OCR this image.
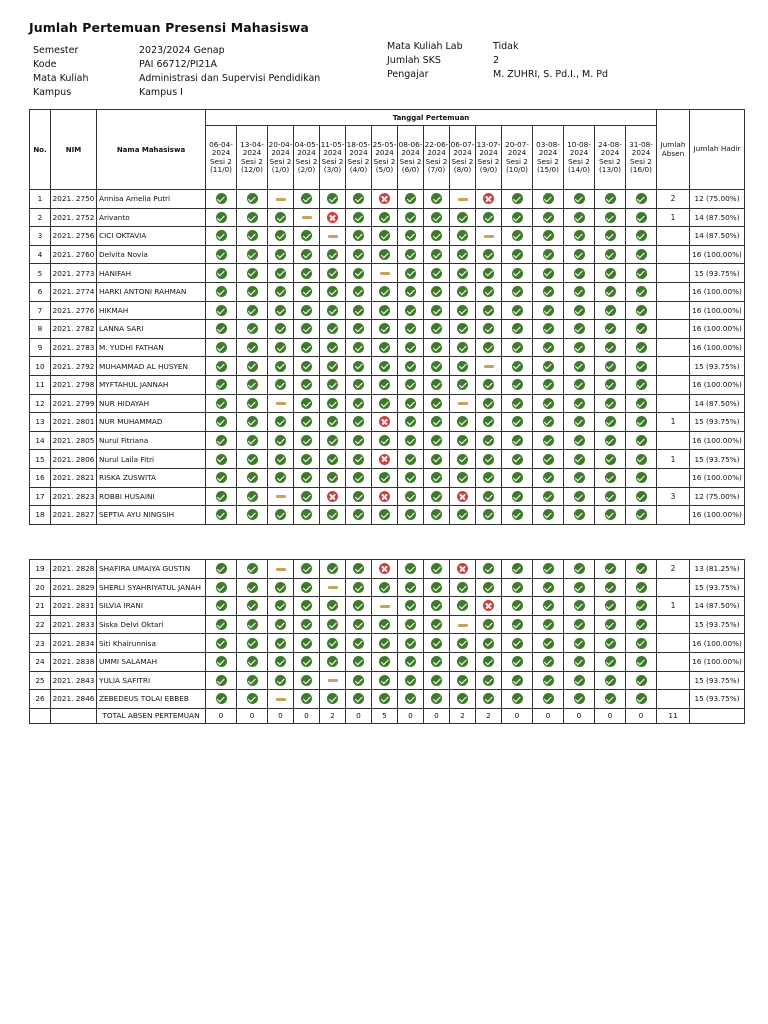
Jumlah Pertemuan Presensi Mahasiswa
Semester	2023/2024 Genap
Kode	PAI 66712/PI21A
Mata Kuliah	Administrasi dan Supervisi Pendidikan
Kampus	Kampus I
Mata Kuliah Lab	Tidak
Jumlah SKS	2
Pengajar	M. ZUHRI, S. Pd.I., M. Pd
No.	NIM	Nama Mahasiswa	Tanggal Pertemuan																Jumlah Absen	Jumlah Hadir
			06-04-2024 Sesi 2 (11/0)	13-04-2024 Sesi 2 (12/0)	20-04-2024 Sesi 2 (1/0)	04-05-2024 Sesi 2 (2/0)	11-05-2024 Sesi 2 (3/0)	18-05-2024 Sesi 2 (4/0)	25-05-2024 Sesi 2 (5/0)	08-06-2024 Sesi 2 (6/0)	22-06-2024 Sesi 2 (7/0)	06-07-2024 Sesi 2 (8/0)	13-07-2024 Sesi 2 (9/0)	20-07-2024 Sesi 2 (10/0)	03-08-2024 Sesi 2 (15/0)	10-08-2024 Sesi 2 (14/0)	24-08-2024 Sesi 2 (13/0)	31-08-2024 Sesi 2 (16/0)		
1	2021. 2750	Annisa Amelia Putri																	2	12 (75.00%)
2	2021. 2752	Arivanto																	1	14 (87.50%)
3	2021. 2756	CICI OKTAVIA																		14 (87.50%)
4	2021. 2760	Delvita Novia																		16 (100.00%)
5	2021. 2773	HANIFAH																		15 (93.75%)
6	2021. 2774	HARKI ANTONI RAHMAN																		16 (100.00%)
7	2021. 2776	HIKMAH																		16 (100.00%)
8	2021. 2782	LANNA SARI																		16 (100.00%)
9	2021. 2783	M. YUDHI FATHAN																		16 (100.00%)
10	2021. 2792	MUHAMMAD AL HUSYEN																		15 (93.75%)
11	2021. 2798	MYFTAHUL JANNAH																		16 (100.00%)
12	2021. 2799	NUR HIDAYAH																		14 (87.50%)
13	2021. 2801	NUR MUHAMMAD																	1	15 (93.75%)
14	2021. 2805	Nurul Fitriana																		16 (100.00%)
15	2021. 2806	Nurul Laila Fitri																	1	15 (93.75%)
16	2021. 2821	RISKA ZUSWITA																		16 (100.00%)
17	2021. 2823	ROBBI HUSAINI																	3	12 (75.00%)
18	2021. 2827	SEPTIA AYU NINGSIH																		16 (100.00%)
19	2021. 2828	SHAFIRA UMAIYA GUSTIN																	2	13 (81.25%)
20	2021. 2829	SHERLI SYAHRIYATUL JANAH																		15 (93.75%)
21	2021. 2831	SILVIA IRANI																	1	14 (87.50%)
22	2021. 2833	Siska Delvi Oktari																		15 (93.75%)
23	2021. 2834	Siti Khairunnisa																		16 (100.00%)
24	2021. 2838	UMMI SALAMAH																		16 (100.00%)
25	2021. 2843	YULIA SAFITRI																		15 (93.75%)
26	2021. 2846	ZEBEDEUS TOLAI EBBEB																		15 (93.75%)
		TOTAL ABSEN PERTEMUAN	0	0	0	0	2	0	5	0	0	2	2	0	0	0	0	0	11	
